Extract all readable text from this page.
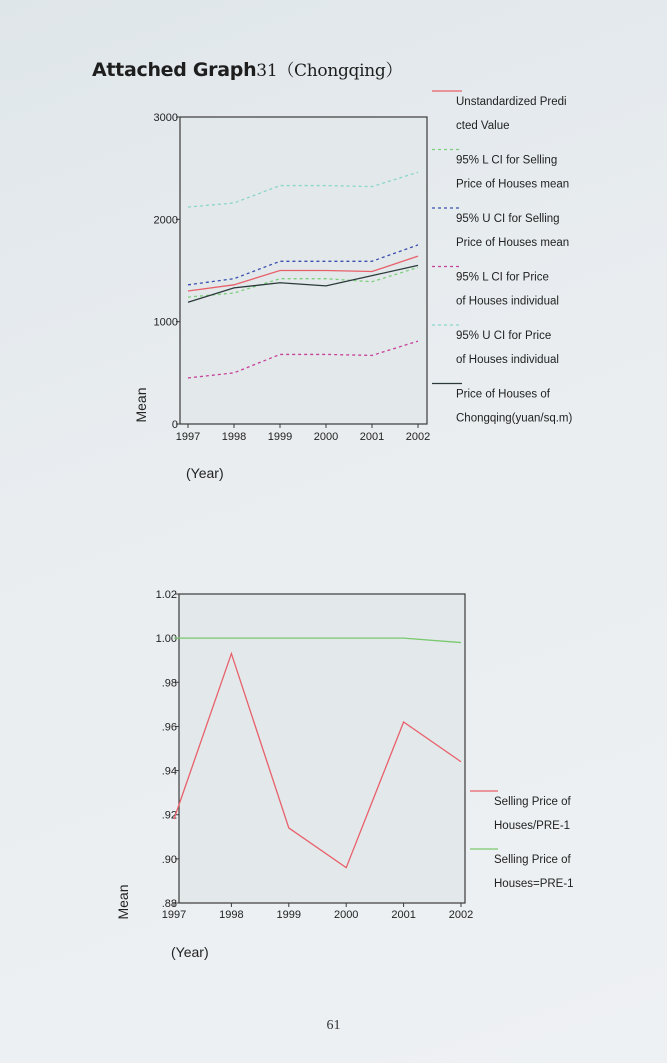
Attached Graph31（Chongqing）
0
1000
2000
3000
1997 1998 1999 2000 2001 2002
Mean
(Year)
Unstandardized Predi
cted Value
95% L CI for Selling
Price of Houses mean
95% U CI for Selling
Price of Houses mean
95% L CI for Price
of Houses individual
95% U CI for Price
of Houses individual
Price of Houses of
Chongqing(yuan/sq.m)
.88
.90
.92
.94
.96
.98
1.00
1.02
1997	1998	1999	2000	2001	2002
Mean
(Year)
Selling Price of
Houses/PRE-1
Selling Price of
Houses=PRE-1
61
